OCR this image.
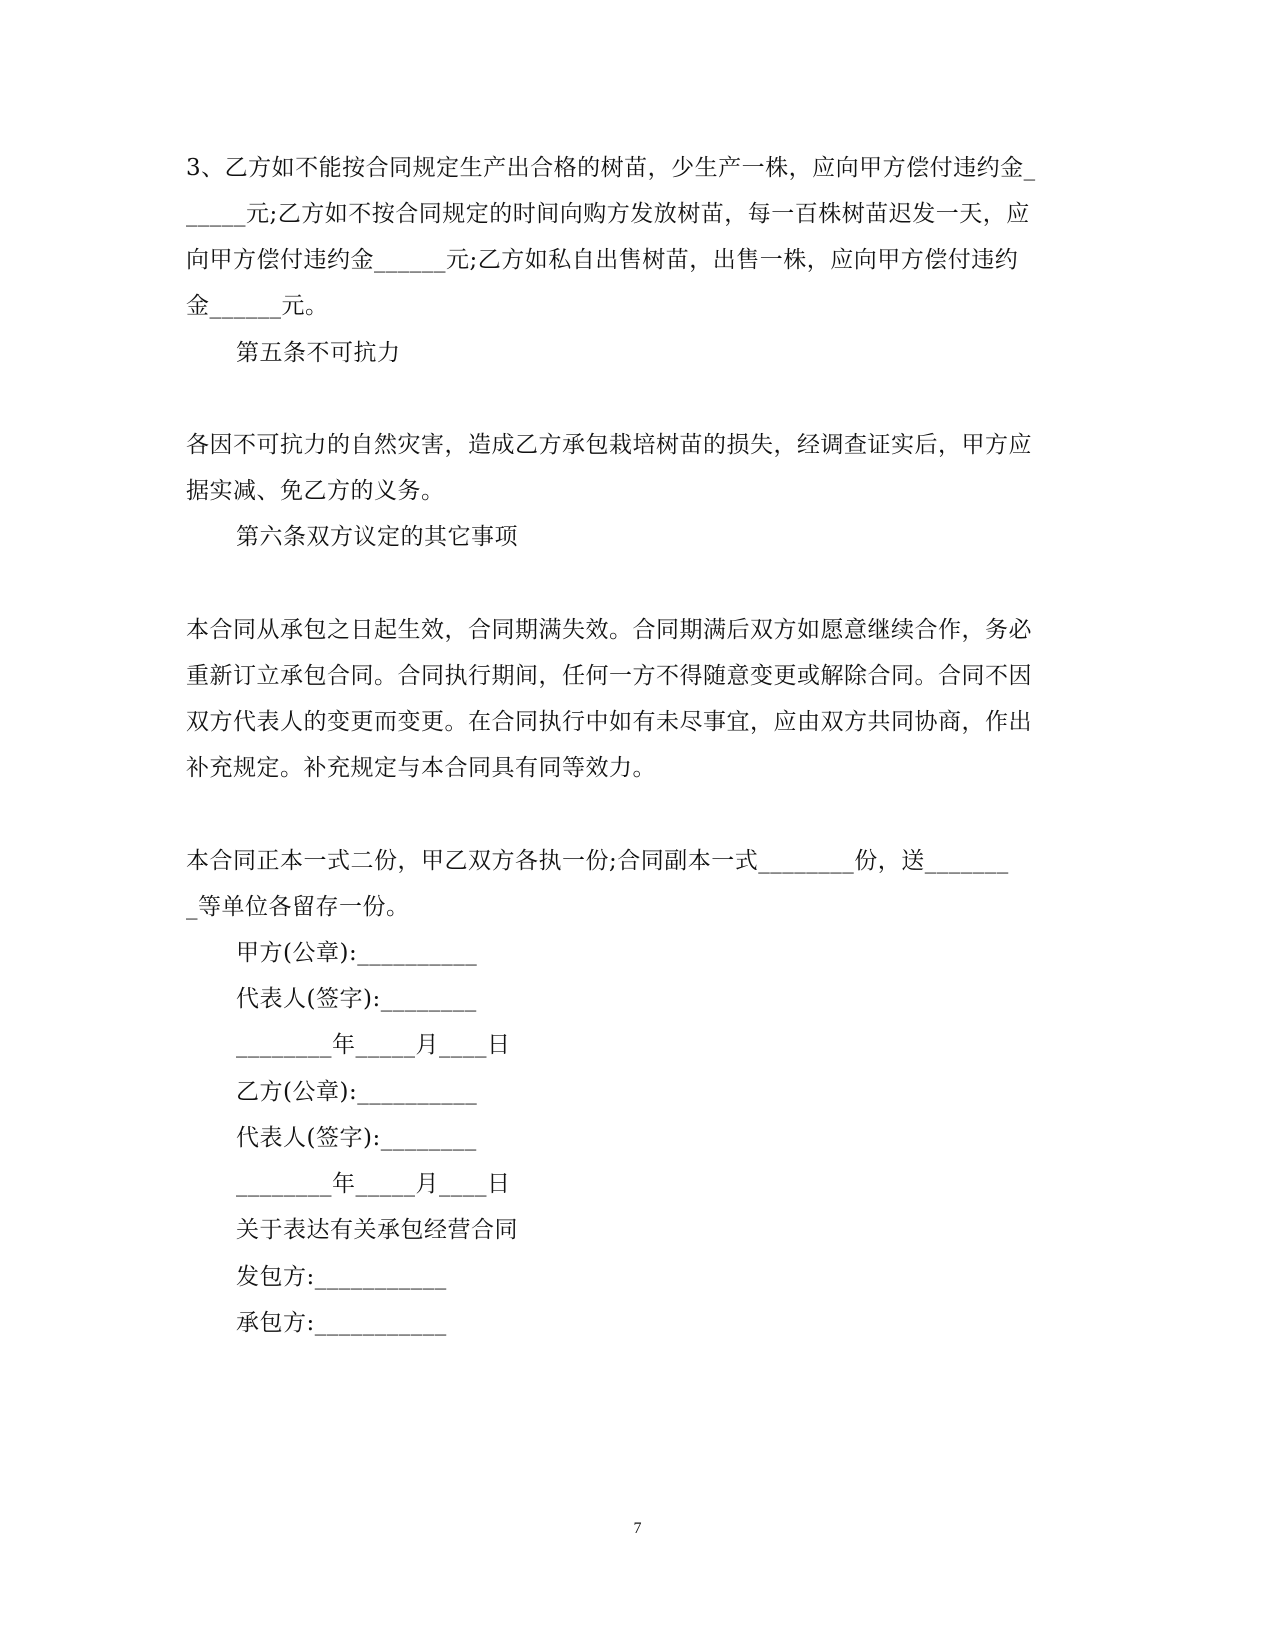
3、乙方如不能按合同规定生产出合格的树苗，少生产一株，应向甲方偿付违约金_
_____元;乙方如不按合同规定的时间向购方发放树苗，每一百株树苗迟发一天，应
向甲方偿付违约金______元;乙方如私自出售树苗，出售一株，应向甲方偿付违约
金______元。
第五条不可抗力
各因不可抗力的自然灾害，造成乙方承包栽培树苗的损失，经调查证实后，甲方应
据实减、免乙方的义务。
第六条双方议定的其它事项
本合同从承包之日起生效，合同期满失效。合同期满后双方如愿意继续合作，务必
重新订立承包合同。合同执行期间，任何一方不得随意变更或解除合同。合同不因
双方代表人的变更而变更。在合同执行中如有未尽事宜，应由双方共同协商，作出
补充规定。补充规定与本合同具有同等效力。
本合同正本一式二份，甲乙双方各执一份;合同副本一式________份，送_______
_等单位各留存一份。
甲方(公章):__________
代表人(签字):________
________年_____月____日
乙方(公章):__________
代表人(签字):________
________年_____月____日
关于表达有关承包经营合同
发包方:___________
承包方:___________
7
